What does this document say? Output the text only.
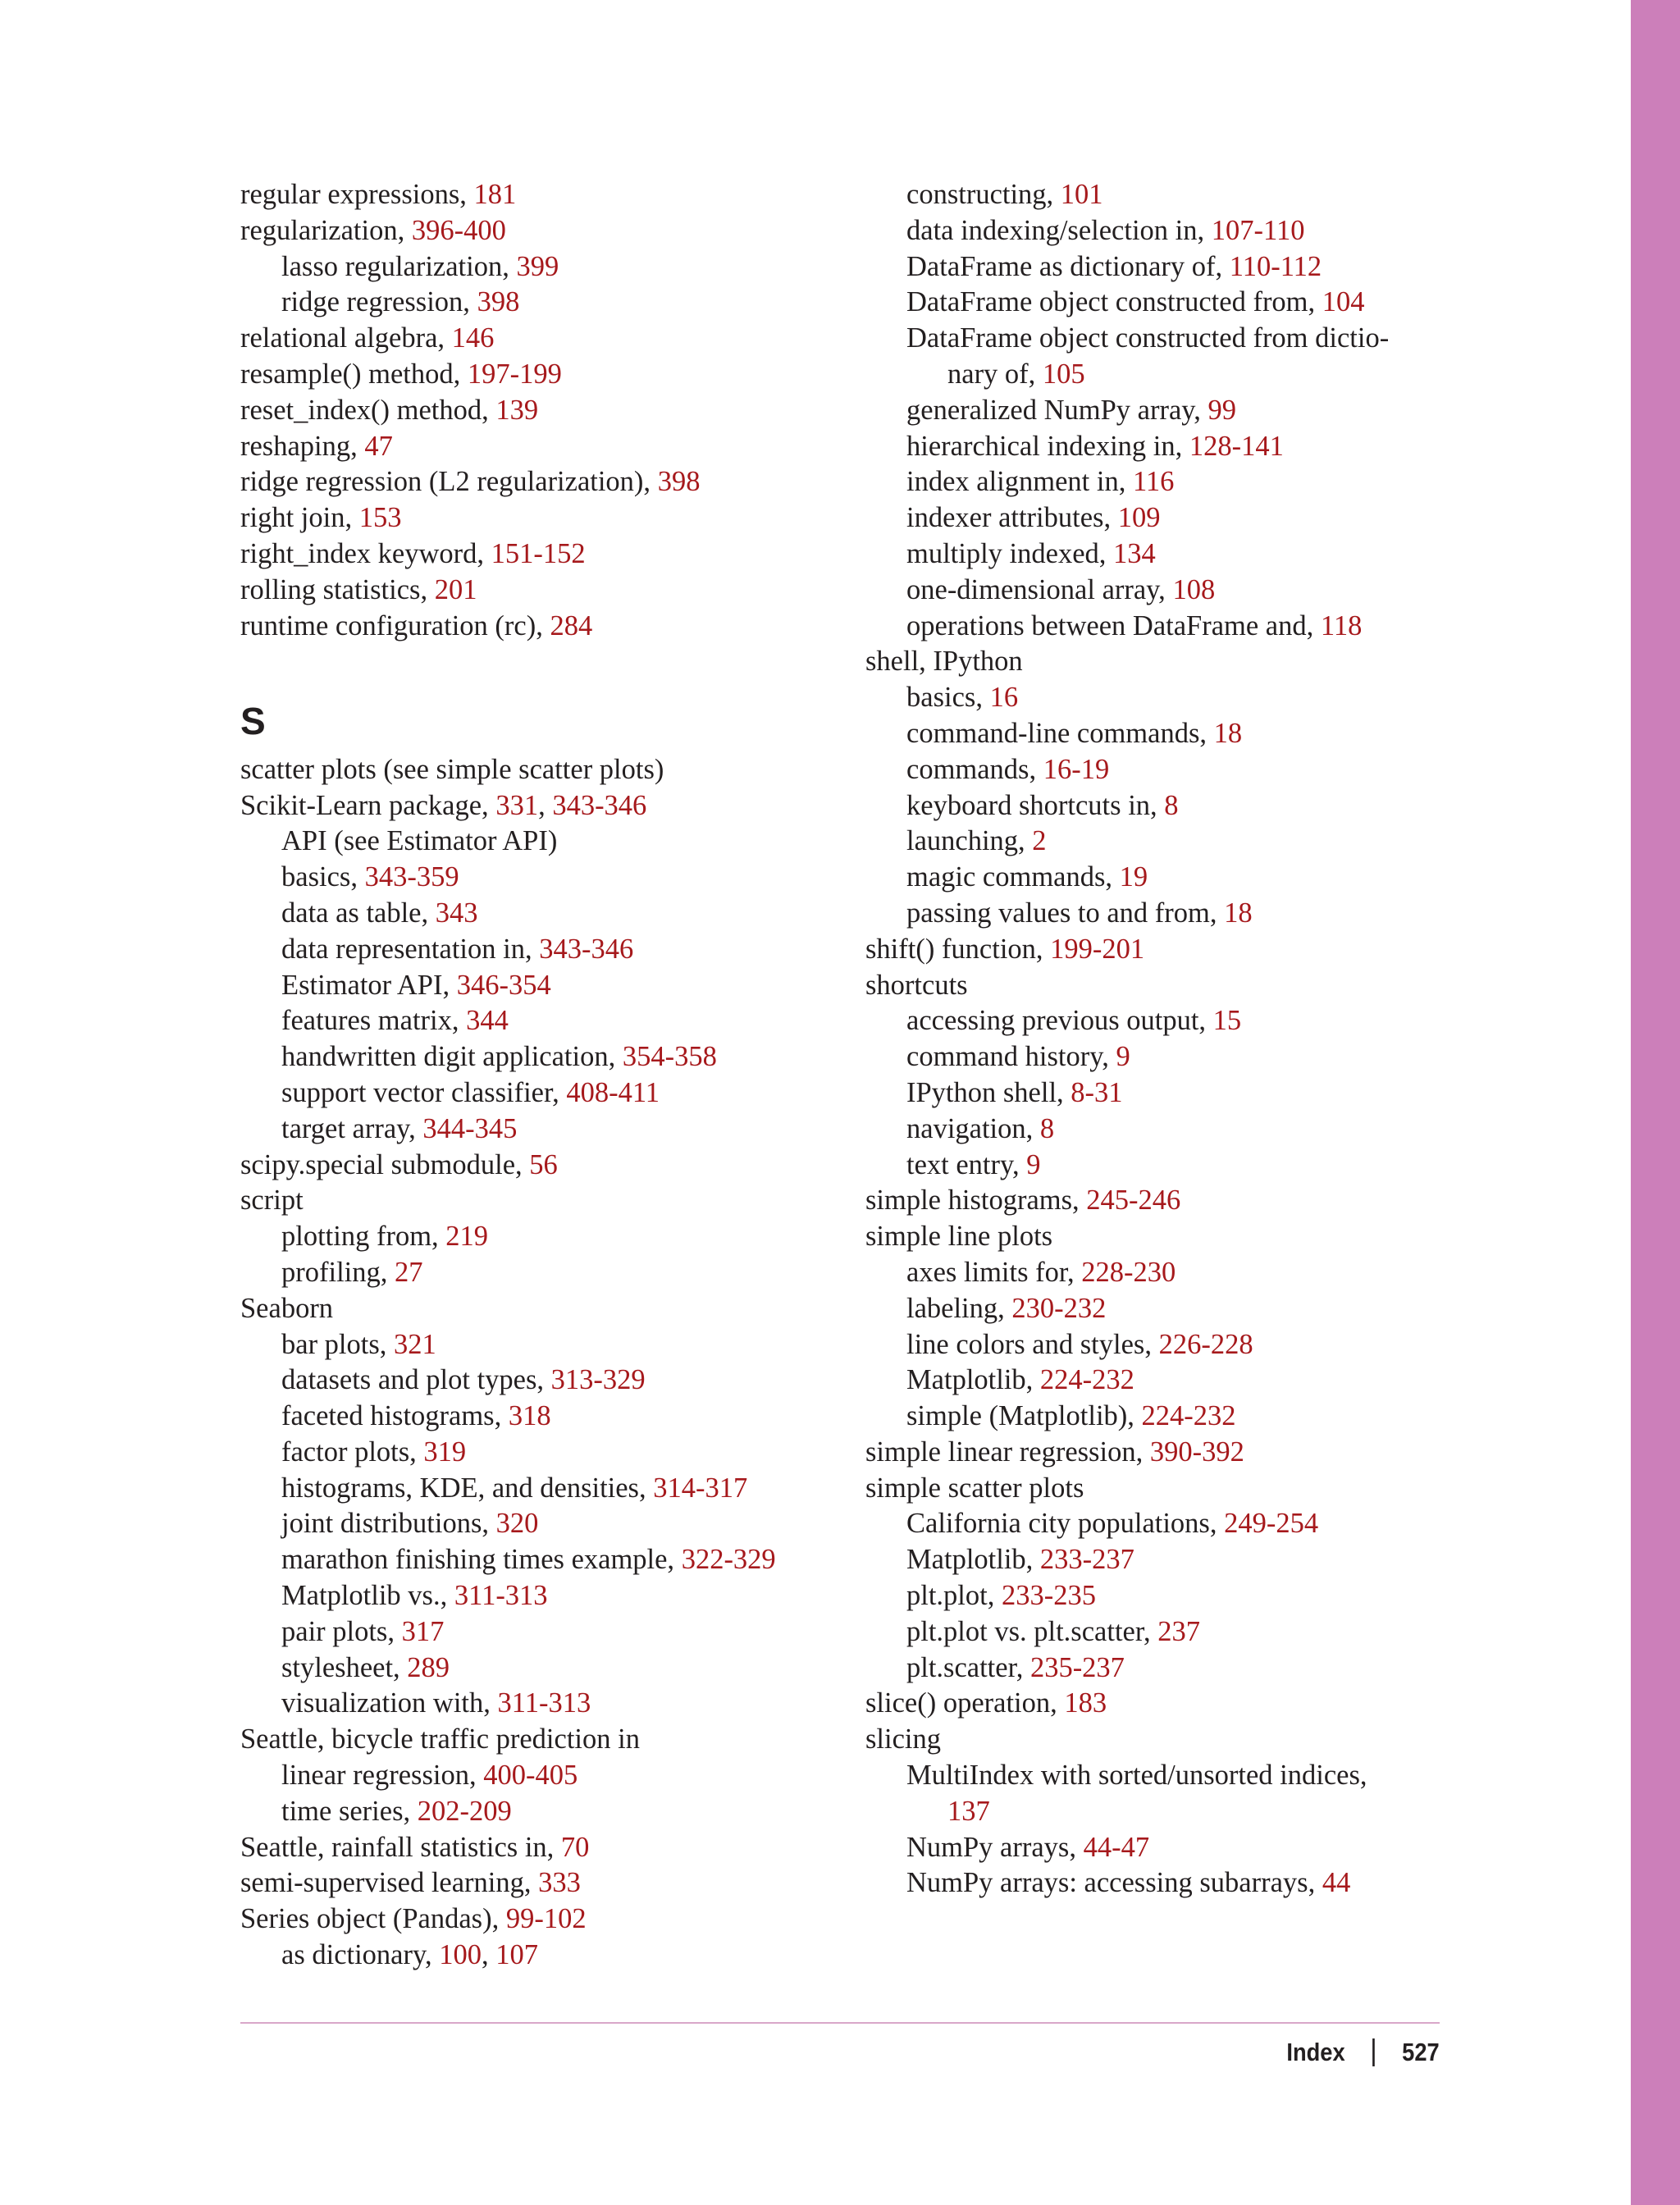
regular expressions, 181
regularization, 396-400
lasso regularization, 399
ridge regression, 398
relational algebra, 146
resample() method, 197-199
reset_index() method, 139
reshaping, 47
ridge regression (L2 regularization), 398
right join, 153
right_index keyword, 151-152
rolling statistics, 201
runtime configuration (rc), 284
S
scatter plots (see simple scatter plots)
Scikit-Learn package, 331, 343-346
API (see Estimator API)
basics, 343-359
data as table, 343
data representation in, 343-346
Estimator API, 346-354
features matrix, 344
handwritten digit application, 354-358
support vector classifier, 408-411
target array, 344-345
scipy.special submodule, 56
script
plotting from, 219
profiling, 27
Seaborn
bar plots, 321
datasets and plot types, 313-329
faceted histograms, 318
factor plots, 319
histograms, KDE, and densities, 314-317
joint distributions, 320
marathon finishing times example, 322-329
Matplotlib vs., 311-313
pair plots, 317
stylesheet, 289
visualization with, 311-313
Seattle, bicycle traffic prediction in
linear regression, 400-405
time series, 202-209
Seattle, rainfall statistics in, 70
semi-supervised learning, 333
Series object (Pandas), 99-102
as dictionary, 100, 107
constructing, 101
data indexing/selection in, 107-110
DataFrame as dictionary of, 110-112
DataFrame object constructed from, 104
DataFrame object constructed from dictio-
nary of, 105
generalized NumPy array, 99
hierarchical indexing in, 128-141
index alignment in, 116
indexer attributes, 109
multiply indexed, 134
one-dimensional array, 108
operations between DataFrame and, 118
shell, IPython
basics, 16
command-line commands, 18
commands, 16-19
keyboard shortcuts in, 8
launching, 2
magic commands, 19
passing values to and from, 18
shift() function, 199-201
shortcuts
accessing previous output, 15
command history, 9
IPython shell, 8-31
navigation, 8
text entry, 9
simple histograms, 245-246
simple line plots
axes limits for, 228-230
labeling, 230-232
line colors and styles, 226-228
Matplotlib, 224-232
simple (Matplotlib), 224-232
simple linear regression, 390-392
simple scatter plots
California city populations, 249-254
Matplotlib, 233-237
plt.plot, 233-235
plt.plot vs. plt.scatter, 237
plt.scatter, 235-237
slice() operation, 183
slicing
MultiIndex with sorted/unsorted indices,
137
NumPy arrays, 44-47
NumPy arrays: accessing subarrays, 44
Index 527
